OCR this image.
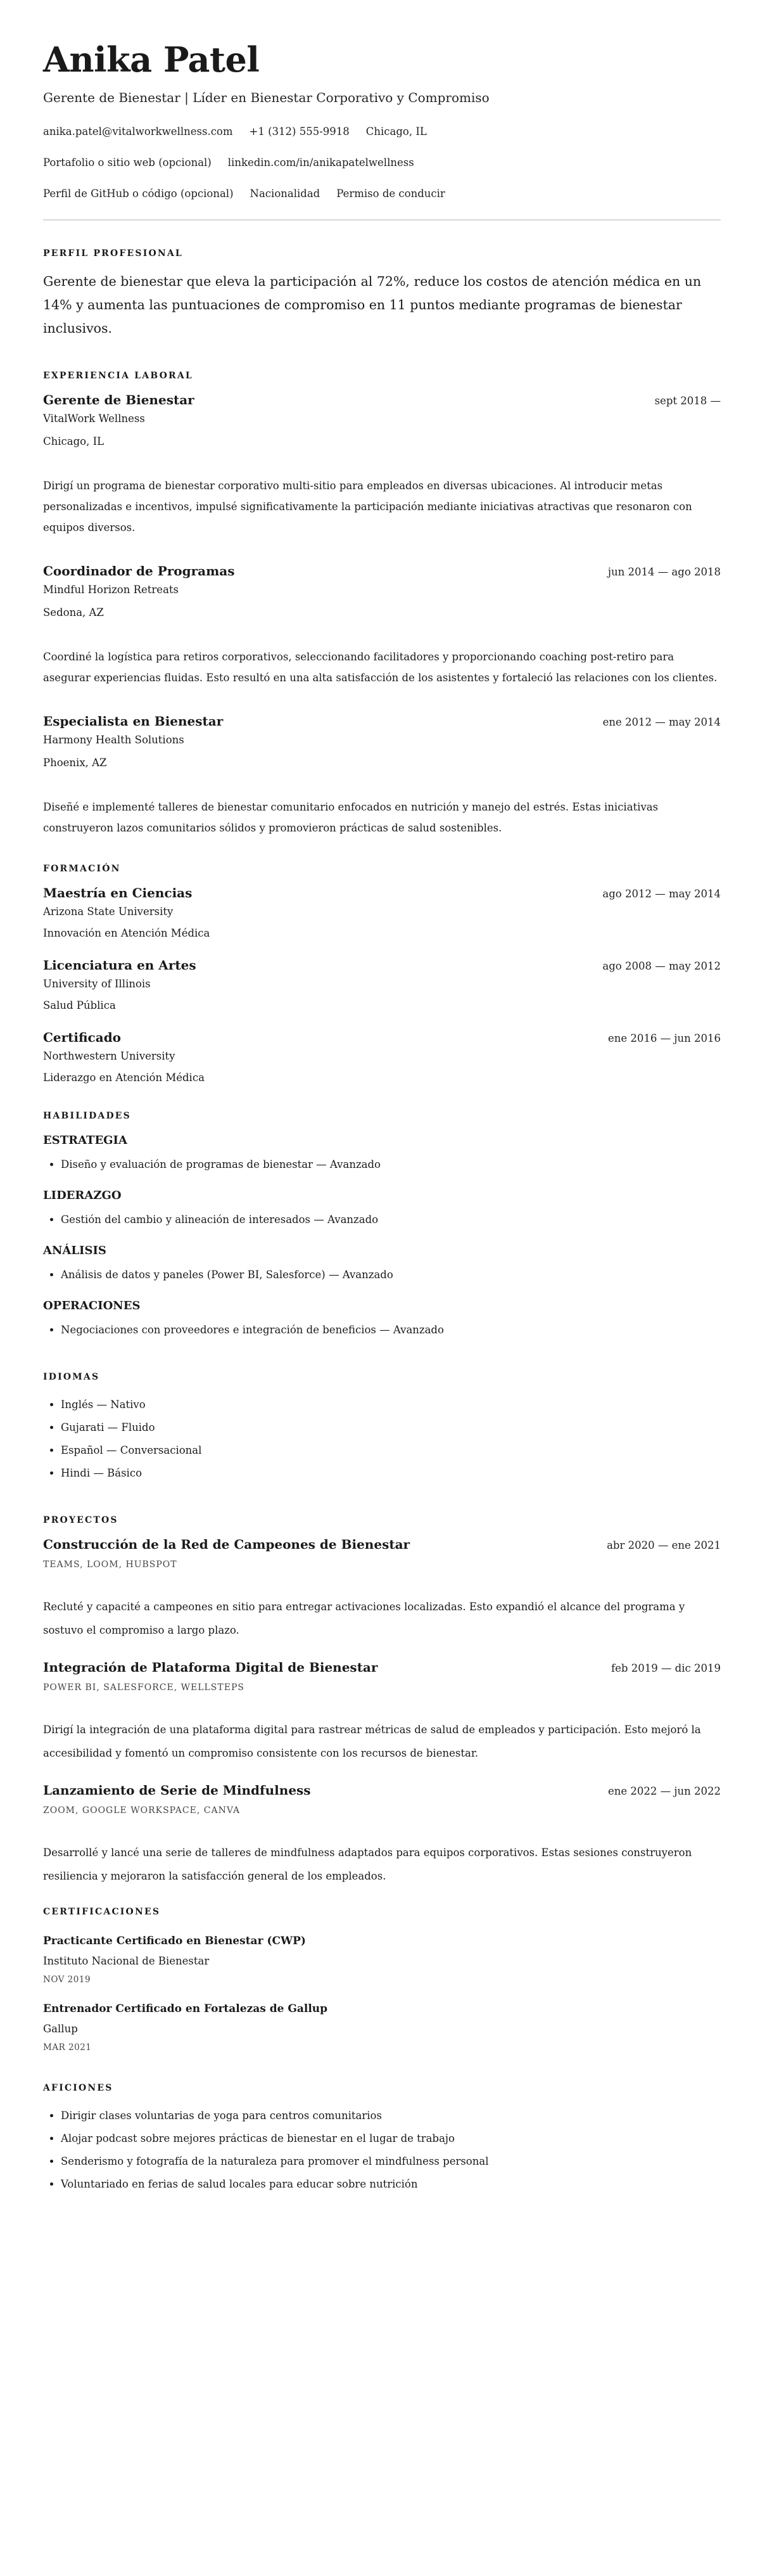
Anika Patel
Gerente de Bienestar | Líder en Bienestar Corporativo y Compromiso
anika.patel@vitalworkwellness.com +1 (312) 555-9918 Chicago, IL
Portafolio o sitio web (opcional) linkedin.com/in/anikapatelwellness
Perfil de GitHub o código (opcional) Nacionalidad Permiso de conducir
PERFIL PROFESIONAL

Gerente de bienestar que eleva la participación al 72%, reduce los costos de atención médica en un 14% y aumenta las puntuaciones de compromiso en 11 puntos mediante programas de bienestar inclusivos.

EXPERIENCIA LABORAL
Gerente de Bienestar	sept 2018 —
VitalWork Wellness
Chicago, IL

Dirigí un programa de bienestar corporativo multi-sitio para empleados en diversas ubicaciones. Al introducir metas personalizadas e incentivos, impulsé significativamente la participación mediante iniciativas atractivas que resonaron con equipos diversos.

Coordinador de Programas	jun 2014 — ago 2018
Mindful Horizon Retreats
Sedona, AZ

Coordiné la logística para retiros corporativos, seleccionando facilitadores y proporcionando coaching post-retiro para asegurar experiencias fluidas. Esto resultó en una alta satisfacción de los asistentes y fortaleció las relaciones con los clientes.

Especialista en Bienestar	ene 2012 — may 2014
Harmony Health Solutions
Phoenix, AZ

Diseñé e implementé talleres de bienestar comunitario enfocados en nutrición y manejo del estrés. Estas iniciativas construyeron lazos comunitarios sólidos y promovieron prácticas de salud sostenibles.

FORMACIÓN
Maestría en Ciencias	ago 2012 — may 2014
Arizona State University
Innovación en Atención Médica
Licenciatura en Artes	ago 2008 — may 2012
University of Illinois
Salud Pública
Certificado	ene 2016 — jun 2016
Northwestern University
Liderazgo en Atención Médica
HABILIDADES
ESTRATEGIA
• Diseño y evaluación de programas de bienestar — Avanzado
LIDERAZGO
• Gestión del cambio y alineación de interesados — Avanzado
ANÁLISIS
• Análisis de datos y paneles (Power BI, Salesforce) — Avanzado
OPERACIONES
• Negociaciones con proveedores e integración de beneficios — Avanzado
IDIOMAS
• Inglés — Nativo
• Gujarati — Fluido
• Español — Conversacional
• Hindi — Básico
PROYECTOS
Construcción de la Red de Campeones de Bienestar	abr 2020 — ene 2021
TEAMS, LOOM, HUBSPOT

Recluté y capacité a campeones en sitio para entregar activaciones localizadas. Esto expandió el alcance del programa y sostuvo el compromiso a largo plazo.

Integración de Plataforma Digital de Bienestar	feb 2019 — dic 2019
POWER BI, SALESFORCE, WELLSTEPS

Dirigí la integración de una plataforma digital para rastrear métricas de salud de empleados y participación. Esto mejoró la accesibilidad y fomentó un compromiso consistente con los recursos de bienestar.

Lanzamiento de Serie de Mindfulness	ene 2022 — jun 2022
ZOOM, GOOGLE WORKSPACE, CANVA

Desarrollé y lancé una serie de talleres de mindfulness adaptados para equipos corporativos. Estas sesiones construyeron resiliencia y mejoraron la satisfacción general de los empleados.

CERTIFICACIONES
Practicante Certificado en Bienestar (CWP)
Instituto Nacional de Bienestar
NOV 2019
Entrenador Certificado en Fortalezas de Gallup
Gallup
MAR 2021
AFICIONES
• Dirigir clases voluntarias de yoga para centros comunitarios
• Alojar podcast sobre mejores prácticas de bienestar en el lugar de trabajo
• Senderismo y fotografía de la naturaleza para promover el mindfulness personal
• Voluntariado en ferias de salud locales para educar sobre nutrición
